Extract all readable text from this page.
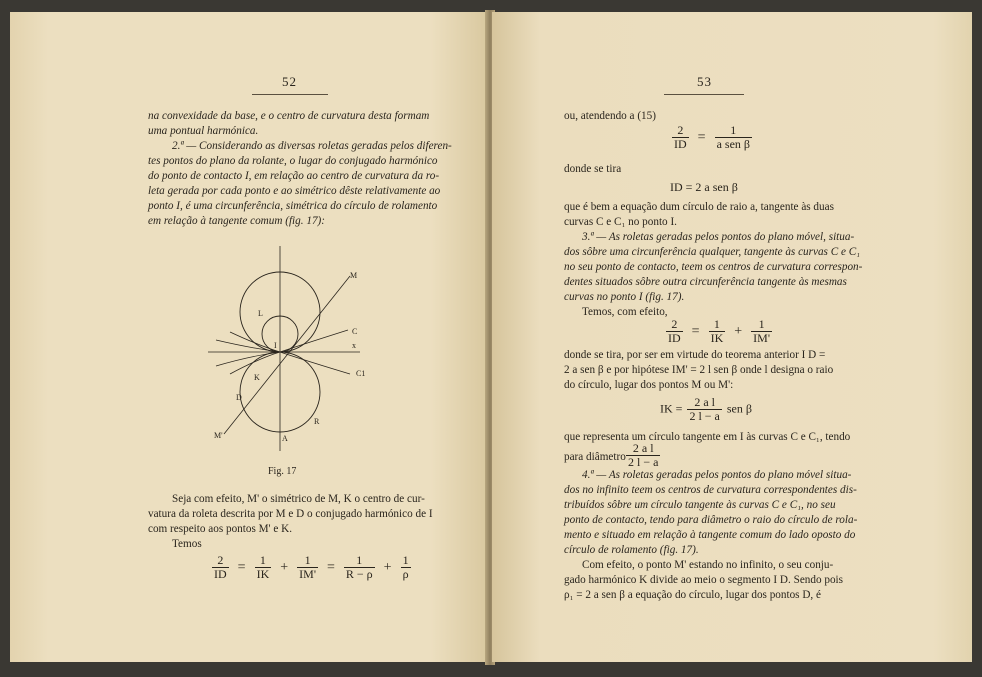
52
na convexidade da base, e o centro de curvatura desta formam
uma pontual harmónica.
2.ª — Considerando as diversas roletas geradas pelos diferen-
tes pontos do plano da rolante, o lugar do conjugado harmónico
do ponto de contacto I, em relação ao centro de curvatura da ro-
leta gerada por cada ponto e ao simétrico dêste relativamente ao
ponto I, é uma circunferência, simétrica do círculo de rolamento
em relação à tangente comum (fig. 17):
M
L
C
x
I
K	C1
D
R
M'	A
Fig. 17
Seja com efeito, M' o simétrico de M, K o centro de cur-
vatura da roleta descrita por M e D o conjugado harmónico de I
com respeito aos pontos M' e K.
Temos
$\frac{2}{ID} = \frac{1}{IK} + \frac{1}{IM'} = \frac{1}{R - \rho} + \frac{1}{\rho}$
53
ou, atendendo a (15)
$\frac{2}{ID} = \frac{1}{\text{a sen β}}$
donde se tira
ID = 2 a sen β
que é bem a equação dum círculo de raio a, tangente às duas
curvas C e C₁ no ponto I.
3.ª — As roletas geradas pelos pontos do plano móvel, situa-
dos sôbre uma circunferência qualquer, tangente às curvas C e C₁
no seu ponto de contacto, teem os centros de curvatura correspon-
dentes situados sôbre outra circunferência tangente às mesmas
curvas no ponto I (fig. 17).
Temos, com efeito,
$\frac{2}{ID} = \frac{1}{IK} + \frac{1}{IM'}$
donde se tira, por ser em virtude do teorema anterior I D =
2 a sen β e por hipótese IM' = 2 l sen β onde l designa o raio
do círculo, lugar dos pontos M ou M':
IK = $\frac{\text{2 a l}}{2 l - a}$ sen β
que representa um círculo tangente em I às curvas C e C₁, tendo
para diâmetro $\frac{\text{2 a l}}{2 l - a}$
4.ª — As roletas geradas pelos pontos do plano móvel situa-
dos no infinito teem os centros de curvatura correspondentes dis-
tribuídos sôbre um círculo tangente às curvas C e C₁, no seu
ponto de contacto, tendo para diâmetro o raio do círculo de rola-
mento e situado em relação à tangente comum do lado oposto do
círculo de rolamento (fig. 17).
Com efeito, o ponto M' estando no infinito, o seu conju-
gado harmónico K divide ao meio o segmento I D. Sendo pois
ρ₁ = 2 a sen β a equação do círculo, lugar dos pontos D, é
